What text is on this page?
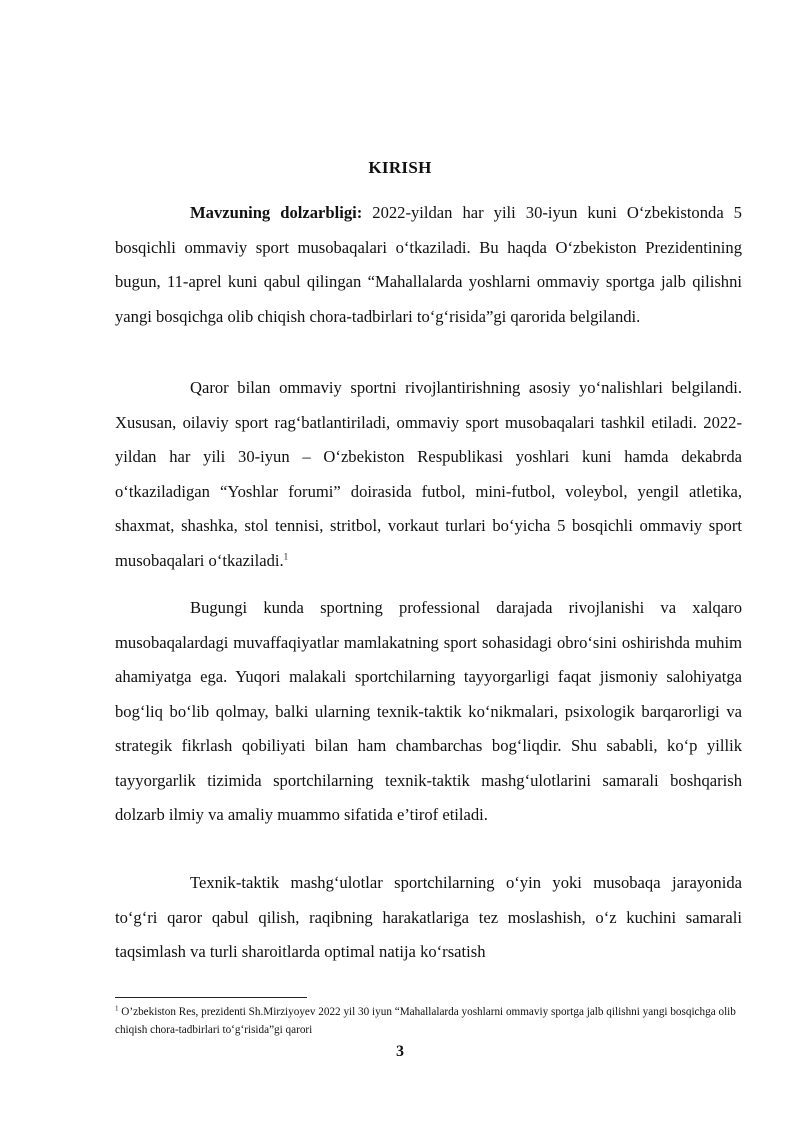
KIRISH

Mavzuning dolzarbligi: 2022-yildan har yili 30-iyun kuni O‘zbekistonda 5 bosqichli ommaviy sport musobaqalari o‘tkaziladi. Bu haqda O‘zbekiston Prezidentining bugun, 11-aprel kuni qabul qilingan “Mahallalarda yoshlarni ommaviy sportga jalb qilishni yangi bosqichga olib chiqish chora-tadbirlari to‘g‘risida”gi qarorida belgilandi.

Qaror bilan ommaviy sportni rivojlantirishning asosiy yo‘nalishlari belgilandi. Xususan, oilaviy sport rag‘batlantiriladi, ommaviy sport musobaqalari tashkil etiladi. 2022-yildan har yili 30-iyun – O‘zbekiston Respublikasi yoshlari kuni hamda dekabrda o‘tkaziladigan “Yoshlar forumi” doirasida futbol, mini-futbol, voleybol, yengil atletika, shaxmat, shashka, stol tennisi, stritbol, vorkaut turlari bo‘yicha 5 bosqichli ommaviy sport musobaqalari o‘tkaziladi.$^1$

Bugungi kunda sportning professional darajada rivojlanishi va xalqaro musobaqalardagi muvaffaqiyatlar mamlakatning sport sohasidagi obro‘sini oshirishda muhim ahamiyatga ega. Yuqori malakali sportchilarning tayyorgarligi faqat jismoniy salohiyatga bog‘liq bo‘lib qolmay, balki ularning texnik-taktik ko‘nikmalari, psixologik barqarorligi va strategik fikrlash qobiliyati bilan ham chambarchas bog‘liqdir. Shu sababli, ko‘p yillik tayyorgarlik tizimida sportchilarning texnik-taktik mashg‘ulotlarini samarali boshqarish dolzarb ilmiy va amaliy muammo sifatida e’tirof etiladi.

Texnik-taktik mashg‘ulotlar sportchilarning o‘yin yoki musobaqa jarayonida to‘g‘ri qaror qabul qilish, raqibning harakatlariga tez moslashish, o‘z kuchini samarali taqsimlash va turli sharoitlarda optimal natija ko‘rsatish

$^1$ O’zbekiston Res, prezidenti Sh.Mirziyoyev 2022 yil 30 iyun “Mahallalarda yoshlarni ommaviy sportga jalb qilishni yangi bosqichga olib chiqish chora-tadbirlari to‘g‘risida”gi qarori

3
